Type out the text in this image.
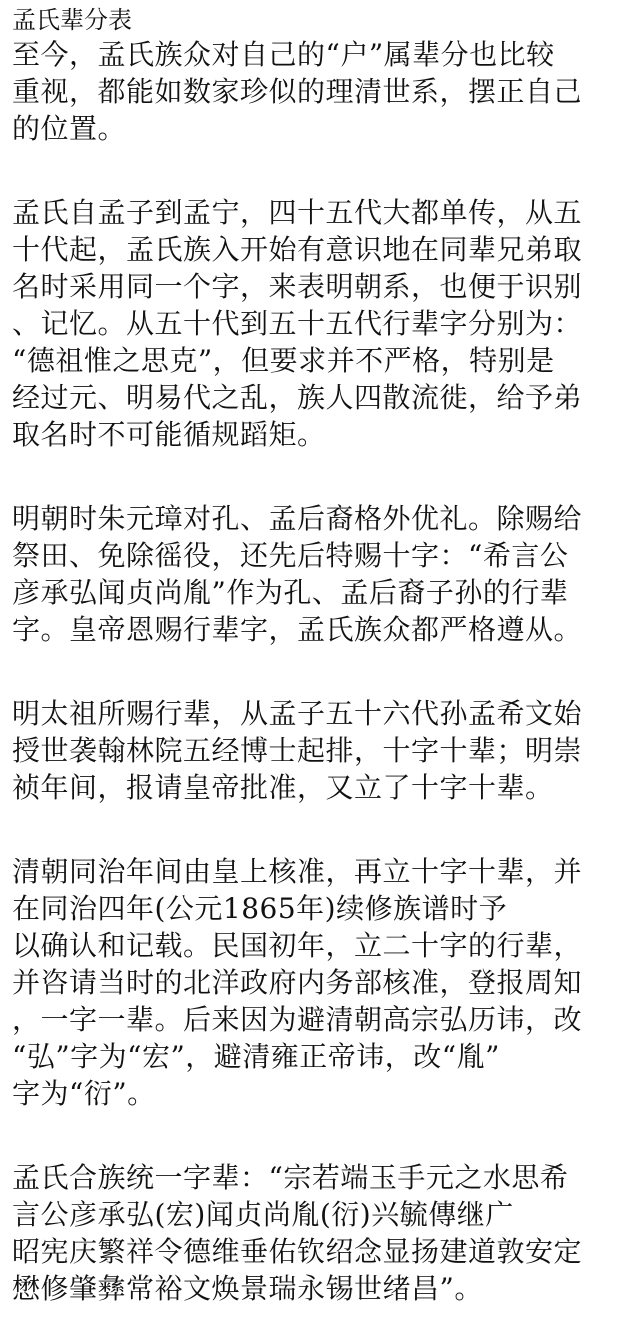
孟氏辈分表
至今，孟氏族众对自己的“户”属辈分也比较
重视，都能如数家珍似的理清世系，摆正自己
的位置。
孟氏自孟子到孟宁，四十五代大都单传，从五
十代起，孟氏族入开始有意识地在同辈兄弟取
名时采用同一个字，来表明朝系，也便于识别
、记忆。从五十代到五十五代行辈字分别为：
“德祖惟之思克”，但要求并不严格，特别是
经过元、明易代之乱，族人四散流徙，给予弟
取名时不可能循规蹈矩。
明朝时朱元璋对孔、孟后裔格外优礼。除赐给
祭田、免除徭役，还先后特赐十字：“希言公
彦承弘闻贞尚胤”作为孔、孟后裔子孙的行辈
字。皇帝恩赐行辈字，孟氏族众都严格遵从。
明太祖所赐行辈，从孟子五十六代孙孟希文始
授世袭翰林院五经博士起排，十字十辈；明崇
祯年间，报请皇帝批准，又立了十字十辈。
清朝同治年间由皇上核准，再立十字十辈，并
在同治四年(公元1865年)续修族谱时予
以确认和记载。民国初年，立二十字的行辈，
并咨请当时的北洋政府内务部核准，登报周知
，一字一辈。后来因为避清朝高宗弘历讳，改
“弘”字为“宏”，避清雍正帝讳，改“胤”
字为“衍”。
孟氏合族统一字辈：“宗若端玉手元之水思希
言公彦承弘(宏)闻贞尚胤(衍)兴毓傳继广
昭宪庆繁祥令德维垂佑钦绍念显扬建道敦安定
懋修肇彝常裕文焕景瑞永锡世绪昌”。
